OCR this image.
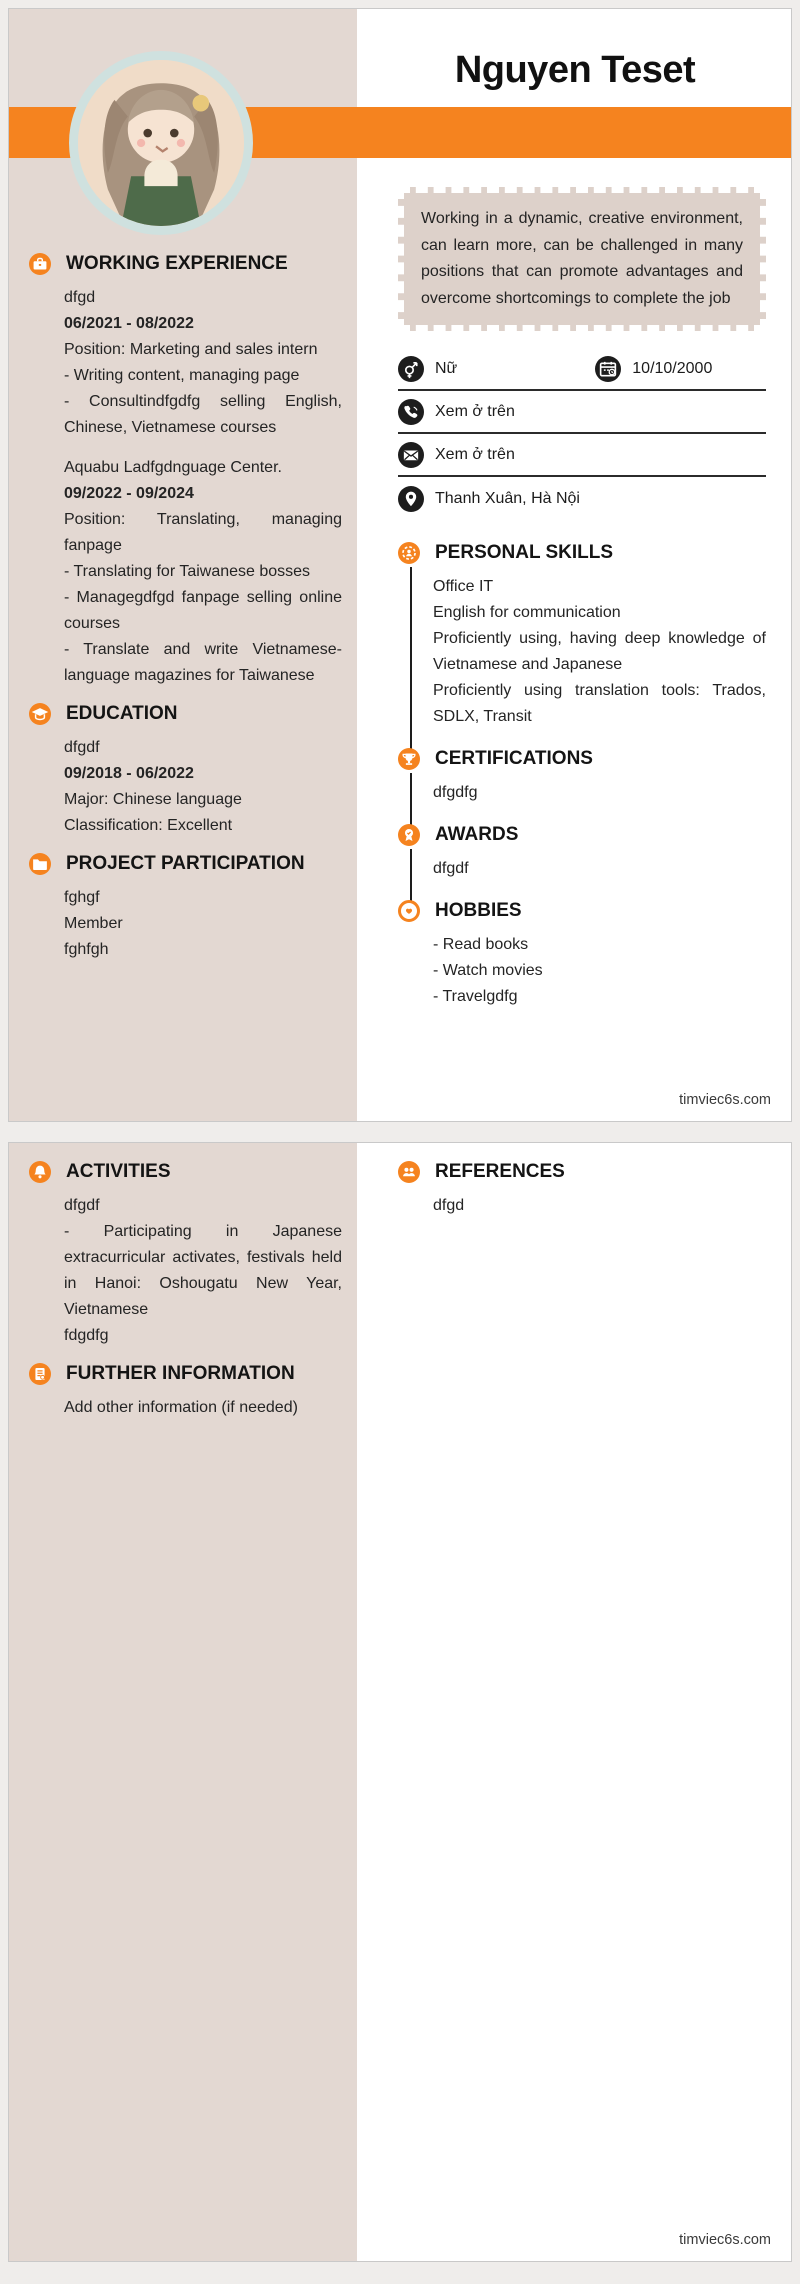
WORKING EXPERIENCE
dfgd
06/2021 - 08/2022
Position: Marketing and sales intern
- Writing content, managing page
- Consultindfgdfg selling English, Chinese, Vietnamese courses
Aquabu Ladfgdnguage Center.
09/2022 - 09/2024
Position: Translating, managing fanpage
- Translating for Taiwanese bosses
- Managegdfgd fanpage selling online courses
- Translate and write Vietnamese-language magazines for Taiwanese
EDUCATION
dfgdf
09/2018 - 06/2022
Major: Chinese language
Classification: Excellent
PROJECT PARTICIPATION
fghgf
Member
fghfgh
Nguyen Teset
Working in a dynamic, creative environment, can learn more, can be challenged in many positions that can promote advantages and overcome shortcomings to complete the job
Nữ	10/10/2000
Xem ở trên
Xem ở trên
Thanh Xuân, Hà Nội
PERSONAL SKILLS
Office IT
English for communication
Proficiently using, having deep knowledge of Vietnamese and Japanese
Proficiently using translation tools: Trados, SDLX, Transit
CERTIFICATIONS
dfgdfg
AWARDS
dfgdf
HOBBIES
- Read books
- Watch movies
- Travelgdfg
timviec6s.com
ACTIVITIES
dfgdf
- Participating in Japanese extracurricular activates, festivals held in Hanoi: Oshougatu New Year, Vietnamese
fdgdfg
FURTHER INFORMATION
Add other information (if needed)
REFERENCES
dfgd
timviec6s.com
